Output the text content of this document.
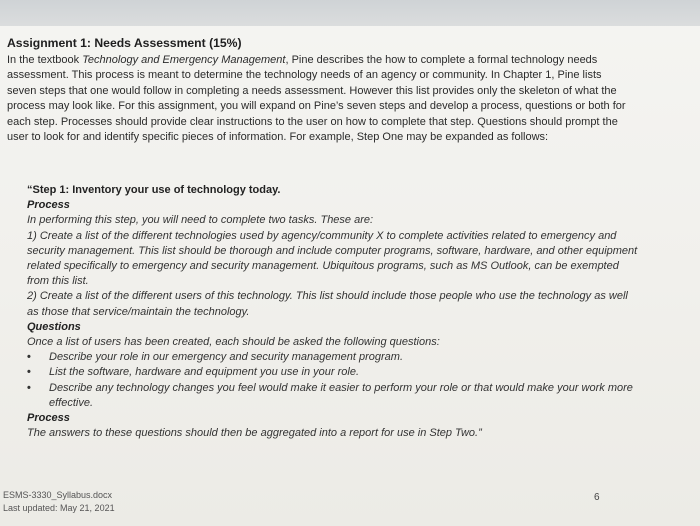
Assignment 1: Needs Assessment (15%)
In the textbook Technology and Emergency Management, Pine describes the how to complete a formal technology needs assessment. This process is meant to determine the technology needs of an agency or community. In Chapter 1, Pine lists seven steps that one would follow in completing a needs assessment. However this list provides only the skeleton of what the process may look like. For this assignment, you will expand on Pine’s seven steps and develop a process, questions or both for each step. Processes should provide clear instructions to the user on how to complete that step. Questions should prompt the user to look for and identify specific pieces of information. For example, Step One may be expanded as follows:

“Step 1: Inventory your use of technology today.

Process

In performing this step, you will need to complete two tasks. These are:

1) Create a list of the different technologies used by agency/community X to complete activities related to emergency and security management. This list should be thorough and include computer programs, software, hardware, and other equipment related specifically to emergency and security management. Ubiquitous programs, such as MS Outlook, can be exempted from this list.

2) Create a list of the different users of this technology. This list should include those people who use the technology as well as those that service/maintain the technology.

Questions

Once a list of users has been created, each should be asked the following questions:

• Describe your role in our emergency and security management program.
• List the software, hardware and equipment you use in your role.
• Describe any technology changes you feel would make it easier to perform your role or that would make your work more effective.

Process

The answers to these questions should then be aggregated into a report for use in Step Two.”

ESMS-3330_Syllabus.docx
Last updated: May 21, 2021
6
